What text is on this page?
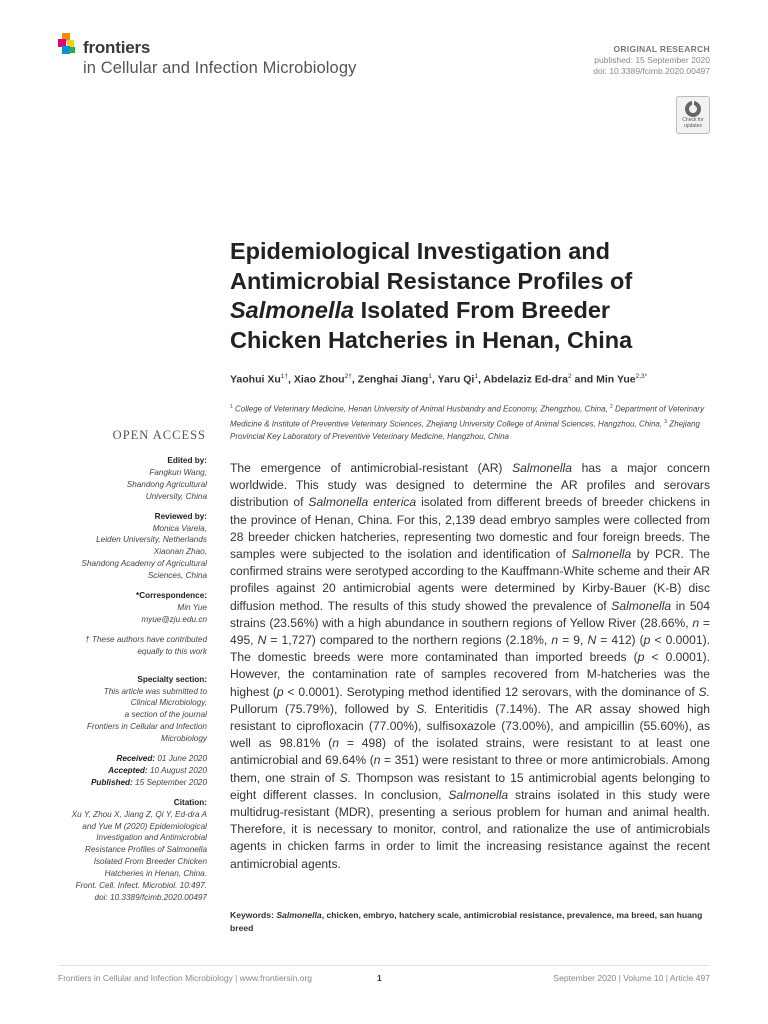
frontiers
in Cellular and Infection Microbiology
ORIGINAL RESEARCH
published: 15 September 2020
doi: 10.3389/fcimb.2020.00497
Check for
updates
Epidemiological Investigation and
Antimicrobial Resistance Profiles of
Salmonella Isolated From Breeder
Chicken Hatcheries in Henan, China
Yaohui $Xu^{1\dagger}$, Xiao Zhou$^{2\dagger}$, Zenghai Jiang$^1$, Yaru Qi$^1$, Abdelaziz Ed-dra$^2$ and Min Yue$^{2,3*}$
$^1$ College of Veterinary Medicine, Henan University of Animal Husbandry and Economy, Zhengzhou, China, $^2$ Department of Veterinary Medicine & Institute of Preventive Veterinary Sciences, Zhejiang University College of Animal Sciences, Hangzhou, China, $^3$ Zhejiang Provincial Key Laboratory of Preventive Veterinary Medicine, Hangzhou, China
OPEN ACCESS
Edited by:
Fangkun Wang,
Shandong Agricultural
University, China
Reviewed by:
Monica Varela,
Leiden University, Netherlands
Xiaonan Zhao,
Shandong Academy of Agricultural
Sciences, China
*Correspondence:
Min Yue
myue@zju.edu.cn
† These authors have contributed
equally to this work
Specialty section:
This article was submitted to
Clinical Microbiology,
a section of the journal
Frontiers in Cellular and Infection
Microbiology
Received: 01 June 2020
Accepted: 10 August 2020
Published: 15 September 2020
Citation:
Xu Y, Zhou X, Jiang Z, Qi Y, Ed-dra A
and Yue M (2020) Epidemiological
Investigation and Antimicrobial
Resistance Profiles of Salmonella
Isolated From Breeder Chicken
Hatcheries in Henan, China.
Front. Cell. Infect. Microbiol. 10:497.
doi: 10.3389/fcimb.2020.00497
The emergence of antimicrobial-resistant (AR) Salmonella has a major concern worldwide. This study was designed to determine the AR profiles and serovars distribution of Salmonella enterica isolated from different breeds of breeder chickens in the province of Henan, China. For this, 2,139 dead embryo samples were collected from 28 breeder chicken hatcheries, representing two domestic and four foreign breeds. The samples were subjected to the isolation and identification of Salmonella by PCR. The confirmed strains were serotyped according to the Kauffmann-White scheme and their AR profiles against 20 antimicrobial agents were determined by Kirby-Bauer (K-B) disc diffusion method. The results of this study showed the prevalence of Salmonella in 504 strains (23.56%) with a high abundance in southern regions of Yellow River (28.66%, n = 495, N = 1,727) compared to the northern regions (2.18%, n = 9, N = 412) (p < 0.0001). The domestic breeds were more contaminated than imported breeds (p < 0.0001). However, the contamination rate of samples recovered from M-hatcheries was the highest (p < 0.0001). Serotyping method identified 12 serovars, with the dominance of S. Pullorum (75.79%), followed by S. Enteritidis (7.14%). The AR assay showed high resistant to ciprofloxacin (77.00%), sulfisoxazole (73.00%), and ampicillin (55.60%), as well as 98.81% (n = 498) of the isolated strains, were resistant to at least one antimicrobial and 69.64% (n = 351) were resistant to three or more antimicrobials. Among them, one strain of S. Thompson was resistant to 15 antimicrobial agents belonging to eight different classes. In conclusion, Salmonella strains isolated in this study were multidrug-resistant (MDR), presenting a serious problem for human and animal health. Therefore, it is necessary to monitor, control, and rationalize the use of antimicrobials agents in chicken farms in order to limit the increasing resistance against the recent antimicrobial agents.
Keywords: Salmonella, chicken, embryo, hatchery scale, antimicrobial resistance, prevalence, ma breed, san huang breed
Frontiers in Cellular and Infection Microbiology | www.frontiersin.org	1	September 2020 | Volume 10 | Article 497
